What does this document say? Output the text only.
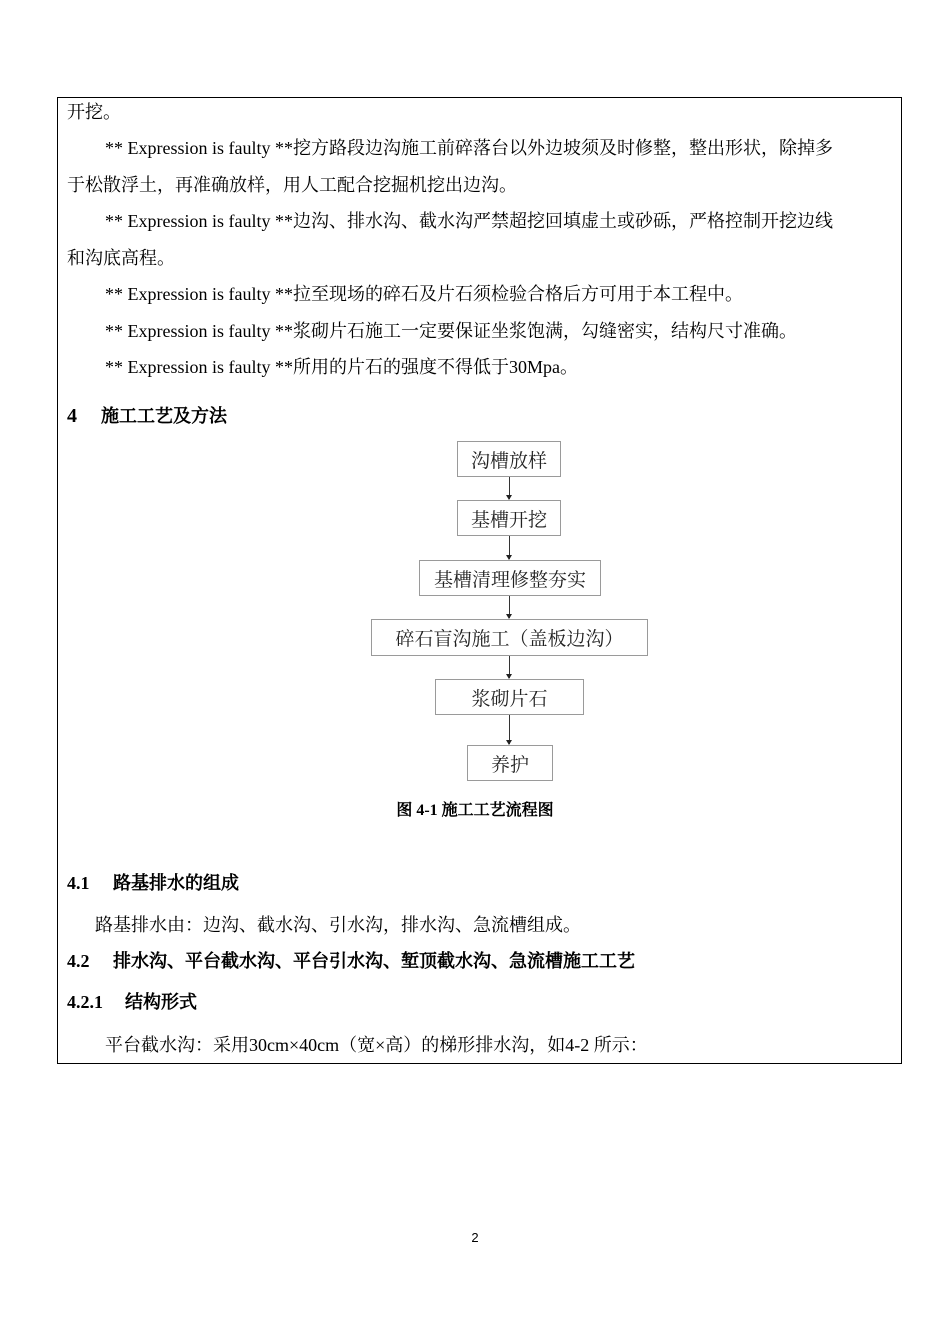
开挖。
** Expression is faulty **挖方路段边沟施工前碎落台以外边坡须及时修整，整出形状，除掉多
于松散浮土，再准确放样，用人工配合挖掘机挖出边沟。
** Expression is faulty **边沟、排水沟、截水沟严禁超挖回填虚土或砂砾，严格控制开挖边线
和沟底高程。
** Expression is faulty **拉至现场的碎石及片石须检验合格后方可用于本工程中。
** Expression is faulty **浆砌片石施工一定要保证坐浆饱满，勾缝密实，结构尺寸准确。
** Expression is faulty **所用的片石的强度不得低于30Mpa。
4 施工工艺及方法
沟槽放样
基槽开挖
基槽清理修整夯实
碎石盲沟施工（盖板边沟）
浆砌片石
养护
图 4-1 施工工艺流程图
4.1 路基排水的组成
路基排水由：边沟、截水沟、引水沟，排水沟、急流槽组成。
4.2 排水沟、平台截水沟、平台引水沟、堑顶截水沟、急流槽施工工艺
4.2.1 结构形式
平台截水沟：采用30cm×40cm（宽×高）的梯形排水沟，如4-2 所示：
2
